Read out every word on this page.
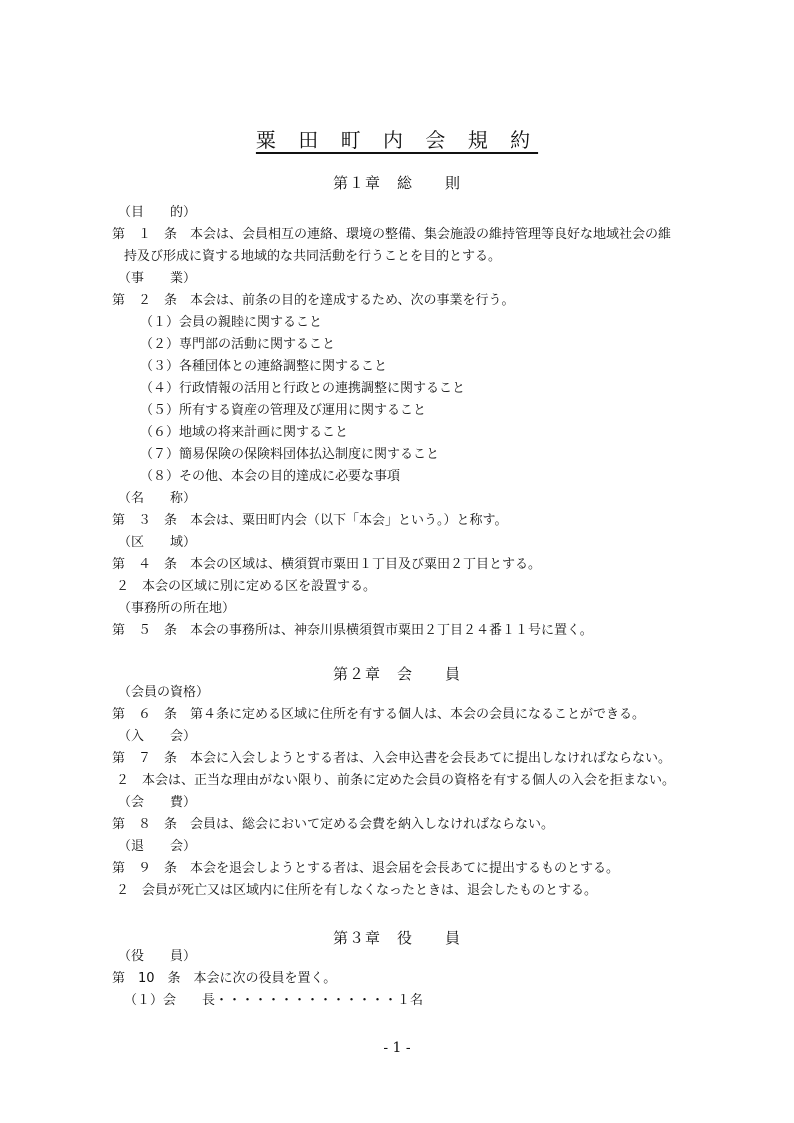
粟 田 町 内 会 規 約
第１章　総　　則
（目　　的）
第　１　条　本会は、会員相互の連絡、環境の整備、集会施設の維持管理等良好な地域社会の維
持及び形成に資する地域的な共同活動を行うことを目的とする。
（事　　業）
第　２　条　本会は、前条の目的を達成するため、次の事業を行う。
（１）会員の親睦に関すること
（２）専門部の活動に関すること
（３）各種団体との連絡調整に関すること
（４）行政情報の活用と行政との連携調整に関すること
（５）所有する資産の管理及び運用に関すること
（６）地域の将来計画に関すること
（７）簡易保険の保険料団体払込制度に関すること
（８）その他、本会の目的達成に必要な事項
（名　　称）
第　３　条　本会は、粟田町内会（以下「本会」という。）と称す。
（区　　域）
第　４　条　本会の区域は、横須賀市粟田１丁目及び粟田２丁目とする。
２　本会の区域に別に定める区を設置する。
（事務所の所在地）
第　５　条　本会の事務所は、神奈川県横須賀市粟田２丁目２４番１１号に置く。
第２章　会　　員
（会員の資格）
第　６　条　第４条に定める区域に住所を有する個人は、本会の会員になることができる。
（入　　会）
第　７　条　本会に入会しようとする者は、入会申込書を会長あてに提出しなければならない。
２　本会は、正当な理由がない限り、前条に定めた会員の資格を有する個人の入会を拒まない。
（会　　費）
第　８　条　会員は、総会において定める会費を納入しなければならない。
（退　　会）
第　９　条　本会を退会しようとする者は、退会届を会長あてに提出するものとする。
２　会員が死亡又は区域内に住所を有しなくなったときは、退会したものとする。
第３章　役　　員
（役　　員）
第　10　条　本会に次の役員を置く。
（１）会　　長・・・・・・・・・・・・・・１名
- 1 -
